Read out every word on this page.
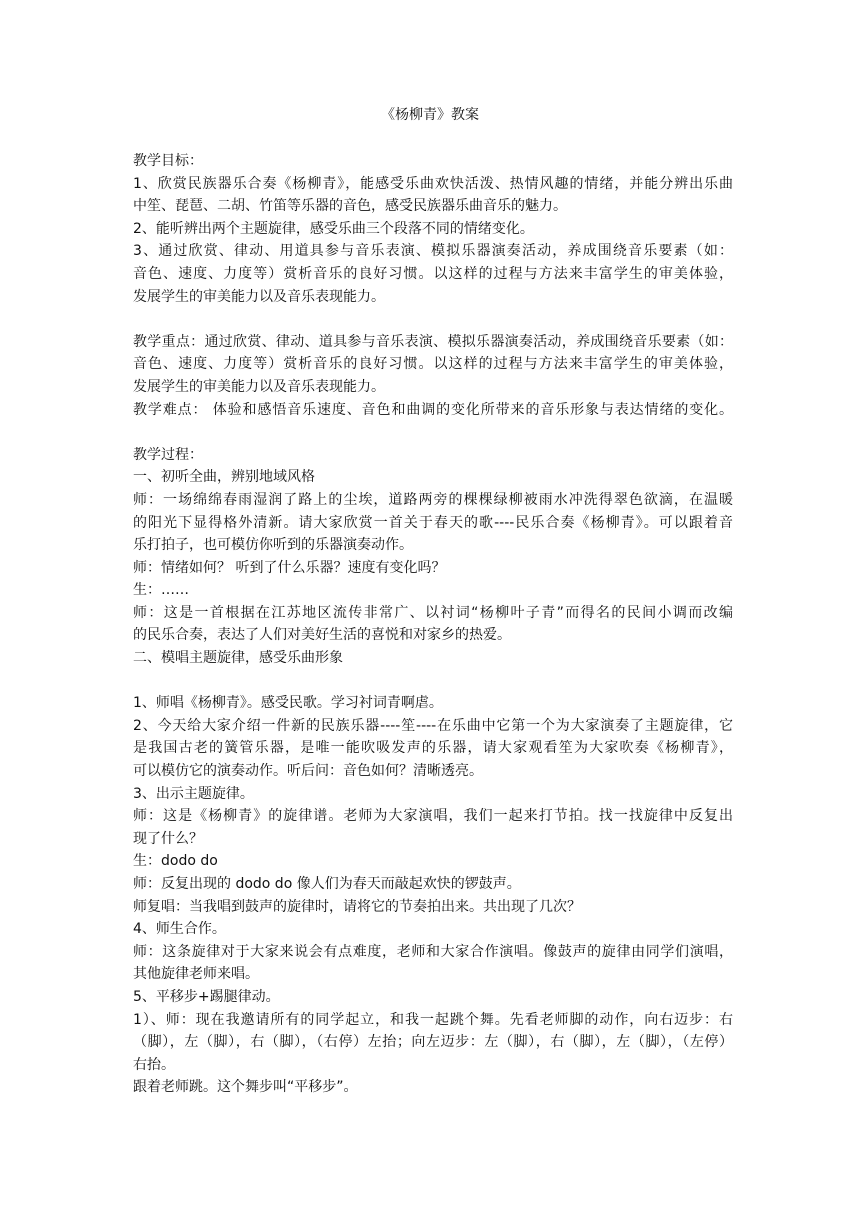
《杨柳青》教案
教学目标：
1、欣赏民族器乐合奏《杨柳青》，能感受乐曲欢快活泼、热情风趣的情绪，并能分辨出乐曲
中笙、琵琶、二胡、竹笛等乐器的音色，感受民族器乐曲音乐的魅力。
2、能听辨出两个主题旋律，感受乐曲三个段落不同的情绪变化。
3、通过欣赏、律动、用道具参与音乐表演、模拟乐器演奏活动，养成围绕音乐要素（如：
音色、速度、力度等）赏析音乐的良好习惯。以这样的过程与方法来丰富学生的审美体验，
发展学生的审美能力以及音乐表现能力。
教学重点：通过欣赏、律动、道具参与音乐表演、模拟乐器演奏活动，养成围绕音乐要素（如：
音色、速度、力度等）赏析音乐的良好习惯。以这样的过程与方法来丰富学生的审美体验，
发展学生的审美能力以及音乐表现能力。
教学难点： 体验和感悟音乐速度、音色和曲调的变化所带来的音乐形象与表达情绪的变化。
教学过程：
一、初听全曲，辨别地域风格
师：一场绵绵春雨湿润了路上的尘埃，道路两旁的棵棵绿柳被雨水冲洗得翠色欲滴，在温暖
的阳光下显得格外清新。请大家欣赏一首关于春天的歌----民乐合奏《杨柳青》。可以跟着音
乐打拍子，也可模仿你听到的乐器演奏动作。
师：情绪如何？ 听到了什么乐器？速度有变化吗？
生：……
师：这是一首根据在江苏地区流传非常广、以衬词“杨柳叶子青”而得名的民间小调而改编
的民乐合奏，表达了人们对美好生活的喜悦和对家乡的热爱。
二、模唱主题旋律，感受乐曲形象
1、师唱《杨柳青》。感受民歌。学习衬词青啊虐。
2、今天给大家介绍一件新的民族乐器----笙----在乐曲中它第一个为大家演奏了主题旋律，它
是我国古老的簧管乐器，是唯一能吹吸发声的乐器，请大家观看笙为大家吹奏《杨柳青》，
可以模仿它的演奏动作。听后问：音色如何？清晰透亮。
3、出示主题旋律。
师：这是《杨柳青》的旋律谱。老师为大家演唱，我们一起来打节拍。找一找旋律中反复出
现了什么？
生：dodo do
师：反复出现的 dodo do 像人们为春天而敲起欢快的锣鼓声。
师复唱：当我唱到鼓声的旋律时，请将它的节奏拍出来。共出现了几次？
4、师生合作。
师：这条旋律对于大家来说会有点难度，老师和大家合作演唱。像鼓声的旋律由同学们演唱，
其他旋律老师来唱。
5、平移步+踢腿律动。
1）、师：现在我邀请所有的同学起立，和我一起跳个舞。先看老师脚的动作，向右迈步：右
（脚），左（脚），右（脚），（右停）左抬；向左迈步：左（脚），右（脚），左（脚），（左停）
右抬。
跟着老师跳。这个舞步叫“平移步”。
